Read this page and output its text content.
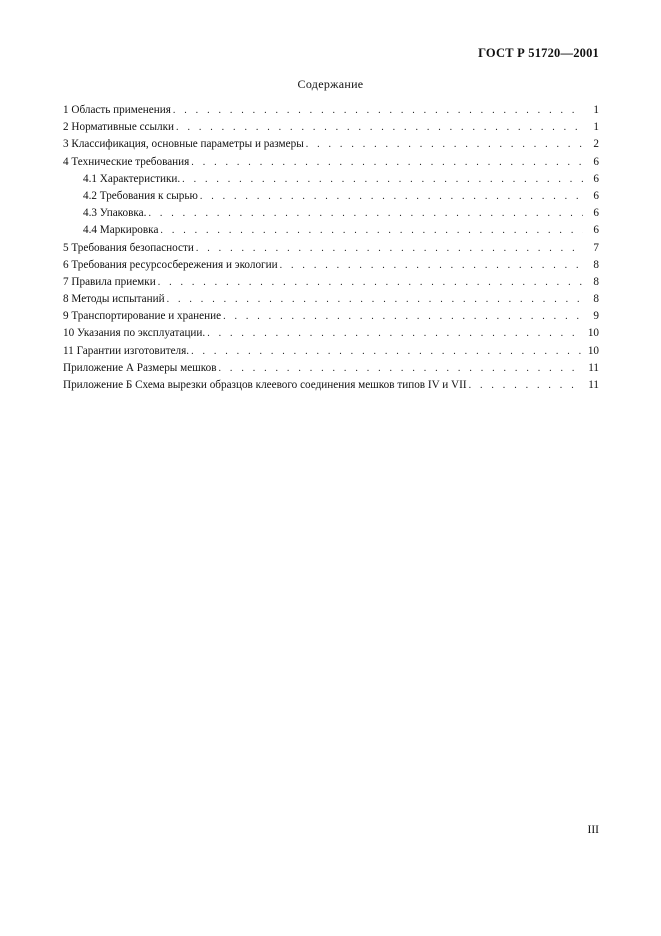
ГОСТ Р 51720—2001
Содержание
1 Область применения . . .	1
2 Нормативные ссылки . . .	1
3 Классификация, основные параметры и размеры . . .	2
4 Технические требования . . .	6
4.1 Характеристики. . . .	6
4.2 Требования к сырью . . .	6
4.3 Упаковка. . . .	6
4.4 Маркировка . . .	6
5 Требования безопасности . . .	7
6 Требования ресурсосбережения и экологии . . .	8
7 Правила приемки . . .	8
8 Методы испытаний . . .	8
9 Транспортирование и хранение . . .	9
10 Указания по эксплуатации. . . .	10
11 Гарантии изготовителя. . . .	10
Приложение А Размеры мешков . . .	11
Приложение Б Схема вырезки образцов клеевого соединения мешков типов IV и VII . . .	11
III
